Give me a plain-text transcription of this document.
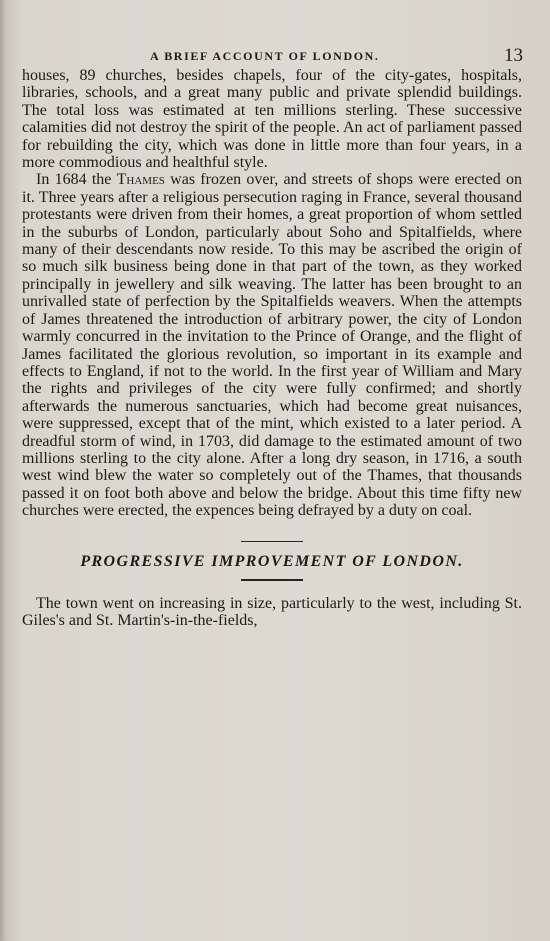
A BRIEF ACCOUNT OF LONDON.	13

houses, 89 churches, besides chapels, four of the city-gates, hospitals, libraries, schools, and a great many public and private splendid buildings. The total loss was estimated at ten millions sterling. These successive calamities did not destroy the spirit of the people. An act of parliament passed for rebuilding the city, which was done in little more than four years, in a more commodious and healthful style.

In 1684 the Thames was frozen over, and streets of shops were erected on it. Three years after a religious persecution raging in France, several thousand protestants were driven from their homes, a great proportion of whom settled in the suburbs of London, particularly about Soho and Spitalfields, where many of their descendants now reside. To this may be ascribed the origin of so much silk business being done in that part of the town, as they worked principally in jewellery and silk weaving. The latter has been brought to an unrivalled state of perfection by the Spitalfields weavers. When the attempts of James threatened the introduction of arbitrary power, the city of London warmly concurred in the invitation to the Prince of Orange, and the flight of James facilitated the glorious revolution, so important in its example and effects to England, if not to the world. In the first year of William and Mary the rights and privileges of the city were fully confirmed; and shortly afterwards the numerous sanctuaries, which had become great nuisances, were suppressed, except that of the mint, which existed to a later period. A dreadful storm of wind, in 1703, did damage to the estimated amount of two millions sterling to the city alone. After a long dry season, in 1716, a south west wind blew the water so completely out of the Thames, that thousands passed it on foot both above and below the bridge. About this time fifty new churches were erected, the expences being defrayed by a duty on coal.

PROGRESSIVE IMPROVEMENT OF LONDON.

The town went on increasing in size, particularly to the west, including St. Giles's and St. Martin's-in-the-fields,
